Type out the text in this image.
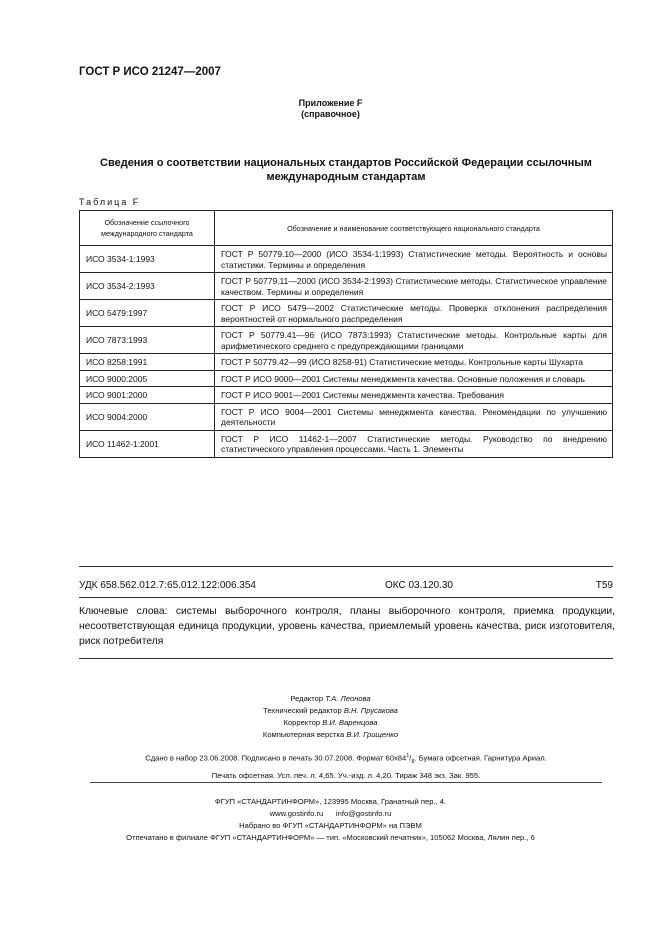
ГОСТ Р ИСО 21247—2007
Приложение F
(справочное)
Сведения о соответствии национальных стандартов Российской Федерации ссылочным международным стандартам
Таблица F
Обозначение ссылочного международного стандарта	Обозначение и наименование соответствующего национального стандарта
ИСО 3534-1:1993	ГОСТ Р 50779.10—2000 (ИСО 3534-1:1993) Статистические методы. Вероятность и основы статистики. Термины и определения
ИСО 3534-2:1993	ГОСТ Р 50779.11—2000 (ИСО 3534-2:1993) Статистические методы. Статистическое управление качеством. Термины и определения
ИСО 5479:1997	ГОСТ Р ИСО 5479—2002 Статистические методы. Проверка отклонения распределения вероятностей от нормального распределения
ИСО 7873:1993	ГОСТ Р 50779.41—96 (ИСО 7873:1993) Статистические методы. Контрольные карты для арифметического среднего с предупреждающими границами
ИСО 8258:1991	ГОСТ Р 50779.42—99 (ИСО 8258-91) Статистические методы. Контрольные карты Шухарта
ИСО 9000:2005	ГОСТ Р ИСО 9000—2001 Системы менеджмента качества. Основные положения и словарь
ИСО 9001:2000	ГОСТ Р ИСО 9001—2001 Системы менеджмента качества. Требования
ИСО 9004:2000	ГОСТ Р ИСО 9004—2001 Системы менеджмента качества. Рекомендации по улучшению деятельности
ИСО 11462-1:2001	ГОСТ Р ИСО 11462-1—2007 Статистические методы. Руководство по внедрению статистического управления процессами. Часть 1. Элементы
УДК 658.562.012.7:65.012.122:006.354	ОКС 03.120.30	Т59
Ключевые слова: системы выборочного контроля, планы выборочного контроля, приемка продукции, несоответствующая единица продукции, уровень качества, приемлемый уровень качества, риск изготовителя, риск потребителя
Редактор Т.А. Леонова
Технический редактор В.Н. Прусакова
Корректор В.И. Варенцова
Компьютерная верстка В.И. Грищенко
Сдано в набор 23.06.2008. Подписано в печать 30.07.2008. Формат $60х84^1/_8$. Бумага офсетная. Гарнитура Ариал.
Печать офсетная. Усл. печ. л. 4,65. Уч.-изд. л. 4,20. Тираж 348 экз. Зак. 955.
ФГУП «СТАНДАРТИНФОРМ», 123995 Москва, Гранатный пер., 4.
www.gostinfo.ru info@gostinfo.ru
Набрано во ФГУП «СТАНДАРТИНФОРМ» на ПЭВМ
Отпечатано в филиале ФГУП «СТАНДАРТИНФОРМ» — тип. «Московский печатник», 105062 Москва, Лялин пер., 6
